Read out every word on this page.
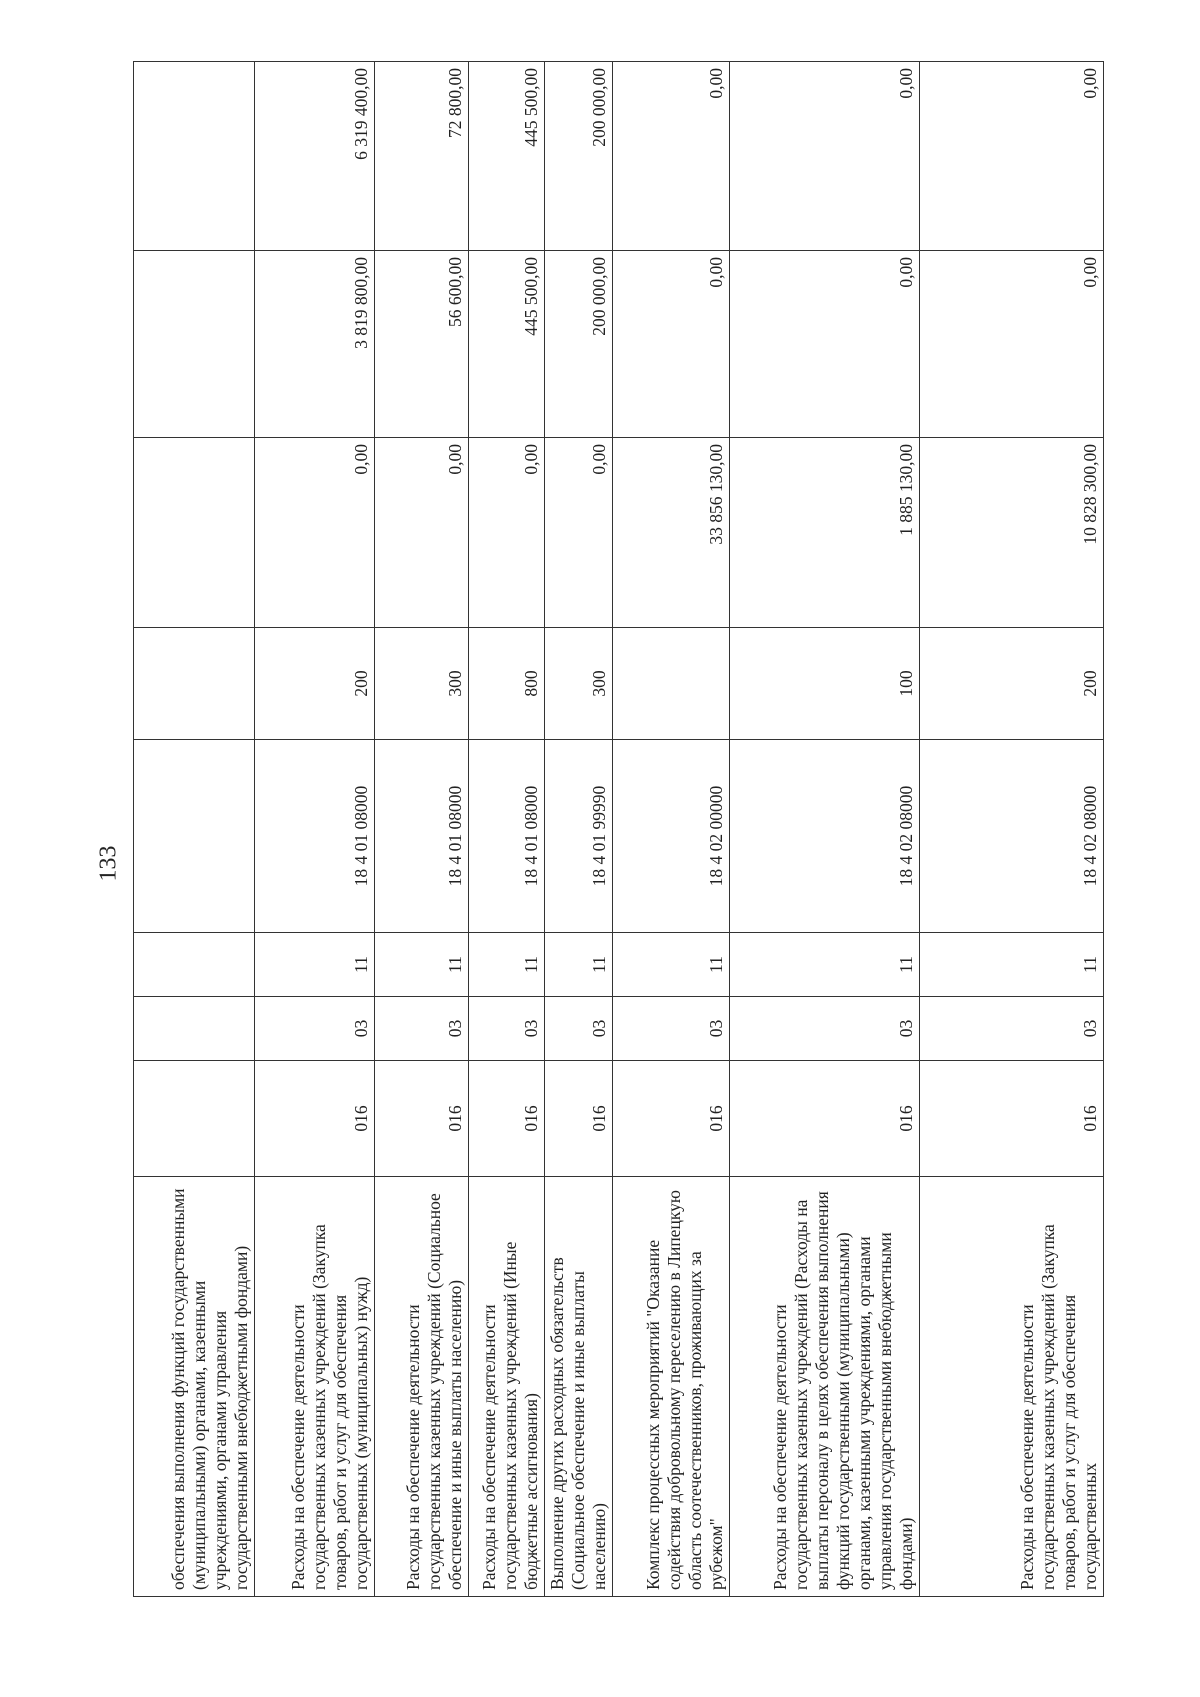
133
обеспечения выполнения функций государственными (муниципальными) органами, казенными учреждениями, органами управления государственными внебюджетными фондами)								
Расходы на обеспечение деятельности государственных казенных учреждений (Закупка товаров, работ и услуг для обеспечения государственных (муниципальных) нужд)	016	03	11	18 4 01 08000	200	0,00	3 819 800,00	6 319 400,00
Расходы на обеспечение деятельности государственных казенных учреждений (Социальное обеспечение и иные выплаты населению)	016	03	11	18 4 01 08000	300	0,00	56 600,00	72 800,00
Расходы на обеспечение деятельности государственных казенных учреждений (Иные бюджетные ассигнования)	016	03	11	18 4 01 08000	800	0,00	445 500,00	445 500,00
Выполнение других расходных обязательств (Социальное обеспечение и иные выплаты населению)	016	03	11	18 4 01 99990	300	0,00	200 000,00	200 000,00
Комплекс процессных мероприятий "Оказание содействия добровольному переселению в Липецкую область соотечественников, проживающих за рубежом"	016	03	11	18 4 02 00000		33 856 130,00	0,00	0,00
Расходы на обеспечение деятельности государственных казенных учреждений (Расходы на выплаты персоналу в целях обеспечения выполнения функций государственными (муниципальными) органами, казенными учреждениями, органами управления государственными внебюджетными фондами)	016	03	11	18 4 02 08000	100	1 885 130,00	0,00	0,00
Расходы на обеспечение деятельности государственных казенных учреждений (Закупка товаров, работ и услуг для обеспечения государственных	016	03	11	18 4 02 08000	200	10 828 300,00	0,00	0,00
